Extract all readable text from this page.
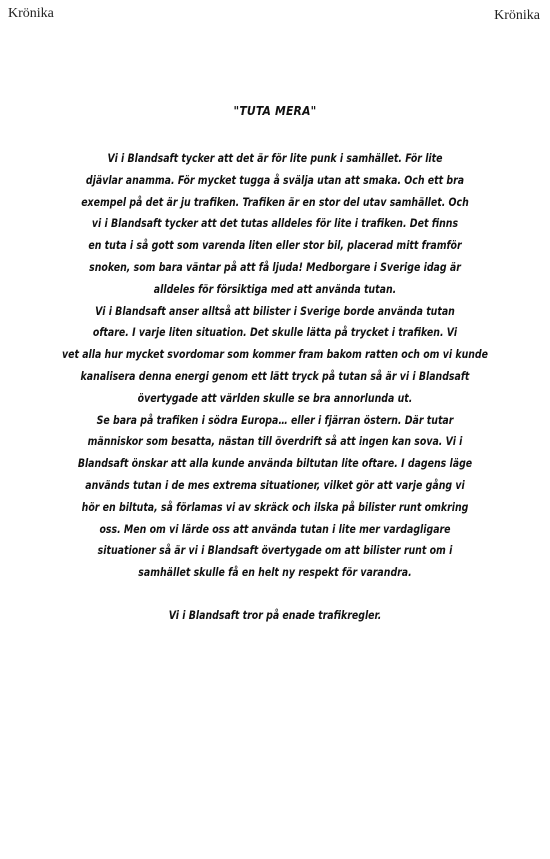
Krönika	Krönika
"TUTA MERA"
Vi i Blandsaft tycker att det är för lite punk i samhället. För lite
djävlar anamma. För mycket tugga å svälja utan att smaka. Och ett bra
exempel på det är ju trafiken. Trafiken är en stor del utav samhället. Och
vi i Blandsaft tycker att det tutas alldeles för lite i trafiken. Det finns
en tuta i så gott som varenda liten eller stor bil, placerad mitt framför
snoken, som bara väntar på att få ljuda! Medborgare i Sverige idag är
alldeles för försiktiga med att använda tutan.
Vi i Blandsaft anser alltså att bilister i Sverige borde använda tutan
oftare. I varje liten situation. Det skulle lätta på trycket i trafiken. Vi
vet alla hur mycket svordomar som kommer fram bakom ratten och om vi kunde
kanalisera denna energi genom ett lätt tryck på tutan så är vi i Blandsaft
övertygade att världen skulle se bra annorlunda ut.
Se bara på trafiken i södra Europa… eller i fjärran östern. Där tutar
människor som besatta, nästan till överdrift så att ingen kan sova. Vi i
Blandsaft önskar att alla kunde använda biltutan lite oftare. I dagens läge
används tutan i de mes extrema situationer, vilket gör att varje gång vi
hör en biltuta, så förlamas vi av skräck och ilska på bilister runt omkring
oss. Men om vi lärde oss att använda tutan i lite mer vardagligare
situationer så är vi i Blandsaft övertygade om att bilister runt om i
samhället skulle få en helt ny respekt för varandra.
Vi i Blandsaft tror på enade trafikregler.
